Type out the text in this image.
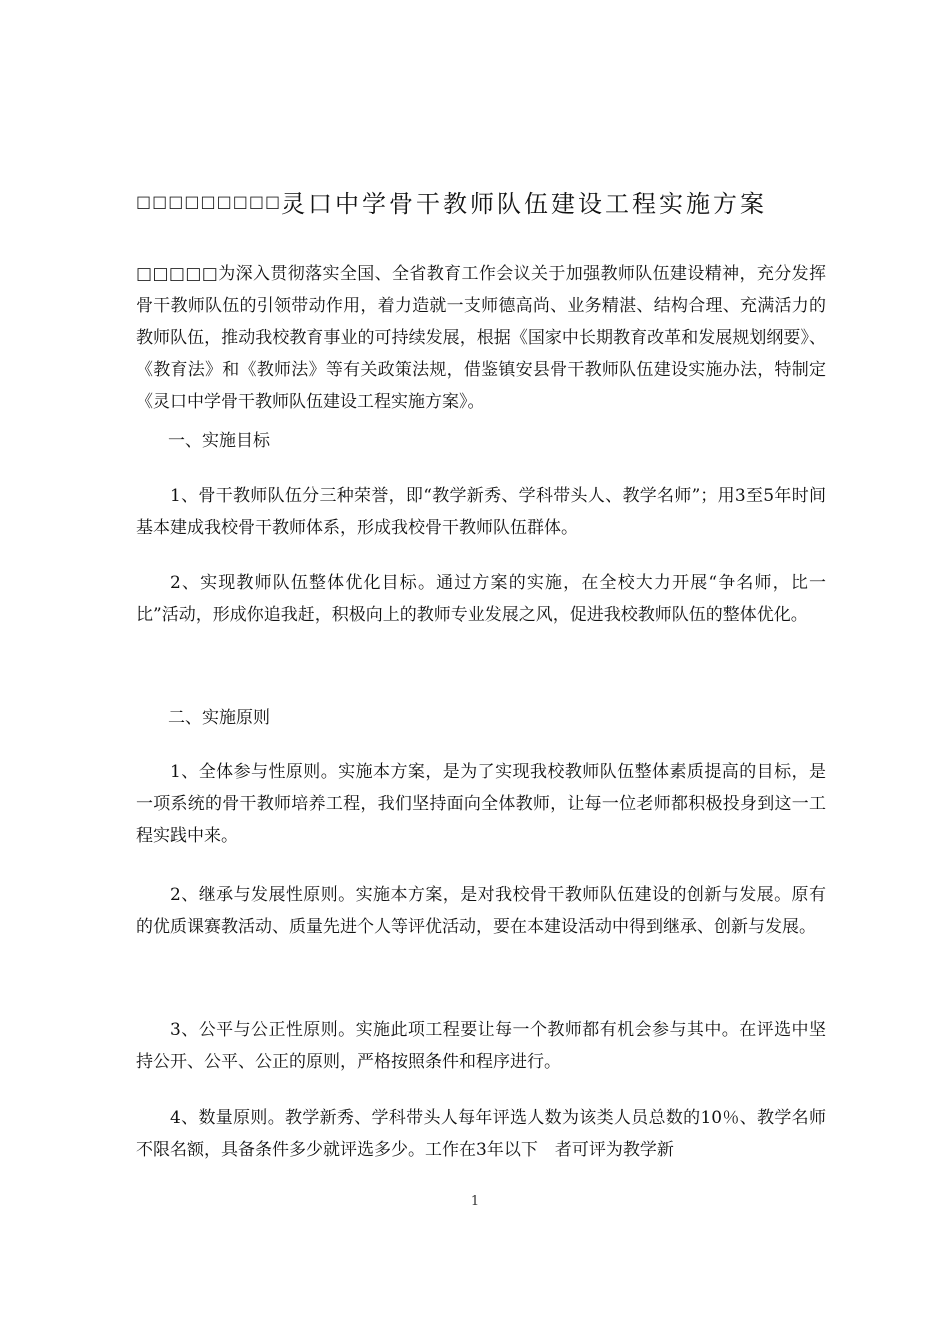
□□□□□□□□□ 灵口中学骨干教师队伍建设工程实施方案

□□□□□为深入贯彻落实全国、全省教育工作会议关于加强教师队伍建设精神，充分发挥骨干教师队伍的引领带动作用，着力造就一支师德高尚、业务精湛、结构合理、充满活力的教师队伍，推动我校教育事业的可持续发展，根据《国家中长期教育改革和发展规划纲要》、《教育法》和《教师法》等有关政策法规，借鉴镇安县骨干教师队伍建设实施办法，特制定《灵口中学骨干教师队伍建设工程实施方案》。

一、实施目标

1、骨干教师队伍分三种荣誉，即“教学新秀、学科带头人、教学名师”；用3至5年时间基本建成我校骨干教师体系，形成我校骨干教师队伍群体。

2、实现教师队伍整体优化目标。通过方案的实施，在全校大力开展“争名师，比一比”活动，形成你追我赶，积极向上的教师专业发展之风，促进我校教师队伍的整体优化。

二、实施原则

1、全体参与性原则。实施本方案，是为了实现我校教师队伍整体素质提高的目标，是一项系统的骨干教师培养工程，我们坚持面向全体教师，让每一位老师都积极投身到这一工程实践中来。

2、继承与发展性原则。实施本方案，是对我校骨干教师队伍建设的创新与发展。原有的优质课赛教活动、质量先进个人等评优活动，要在本建设活动中得到继承、创新与发展。

3、公平与公正性原则。实施此项工程要让每一个教师都有机会参与其中。在评选中坚持公开、公平、公正的原则，严格按照条件和程序进行。

4、数量原则。教学新秀、学科带头人每年评选人数为该类人员总数的10％、教学名师不限名额，具备条件多少就评选多少。工作在3年以下　者可评为教学新

1
